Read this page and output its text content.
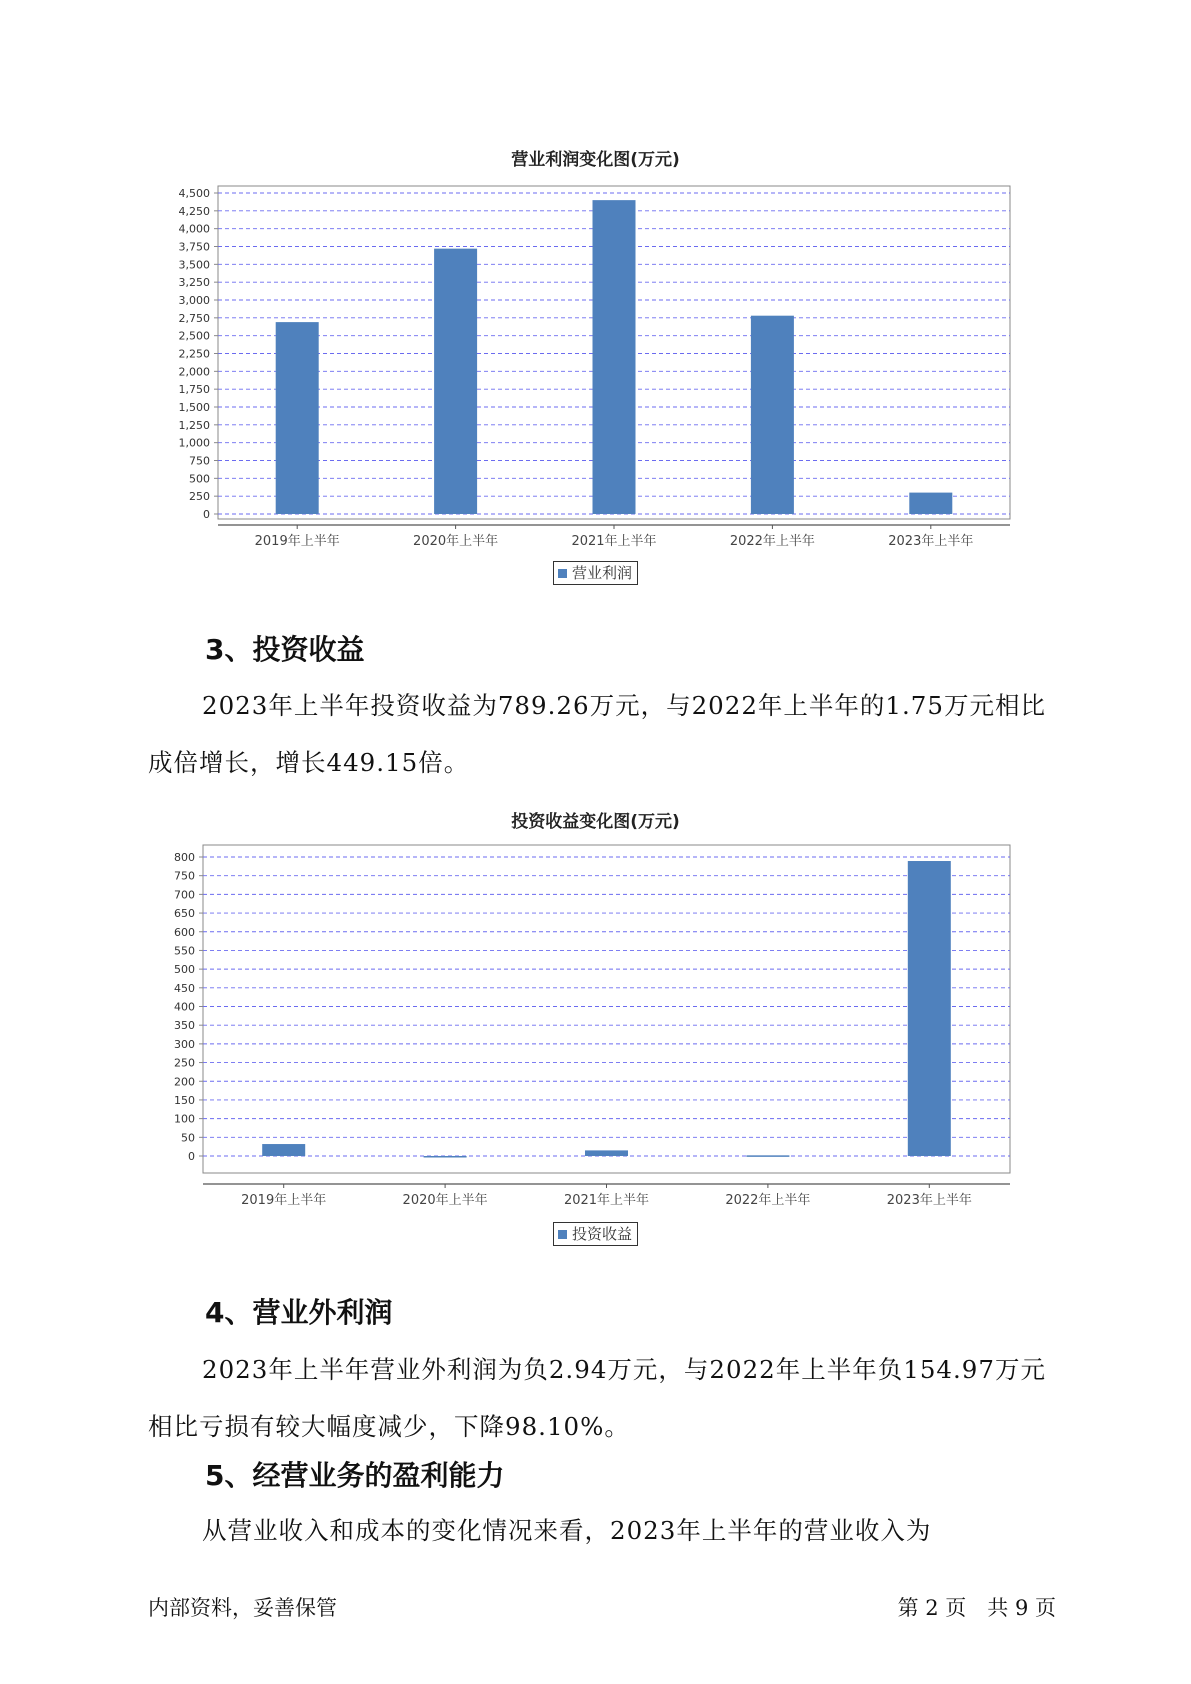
营业利润变化图(万元)
0
250
500
750
1,000
1,250
1,500
1,750
2,000
2,250
2,500
2,750
3,000
3,250
3,500
3,750
4,000
4,250
4,500
2019年上半年	2020年上半年	2021年上半年	2022年上半年	2023年上半年
营业利润
3、投资收益
2023年上半年投资收益为789.26万元，与2022年上半年的1.75万元相比成倍增长，增长449.15倍。
投资收益变化图(万元)
0
50
100
150
200
250
300
350
400
450
500
550
600
650
700
750
800
2019年上半年	2020年上半年	2021年上半年	2022年上半年	2023年上半年
投资收益
4、营业外利润
2023年上半年营业外利润为负2.94万元，与2022年上半年负154.97万元相比亏损有较大幅度减少，下降98.10%。
5、经营业务的盈利能力
从营业收入和成本的变化情况来看，2023年上半年的营业收入为
内部资料，妥善保管	第 2 页　共 9 页
